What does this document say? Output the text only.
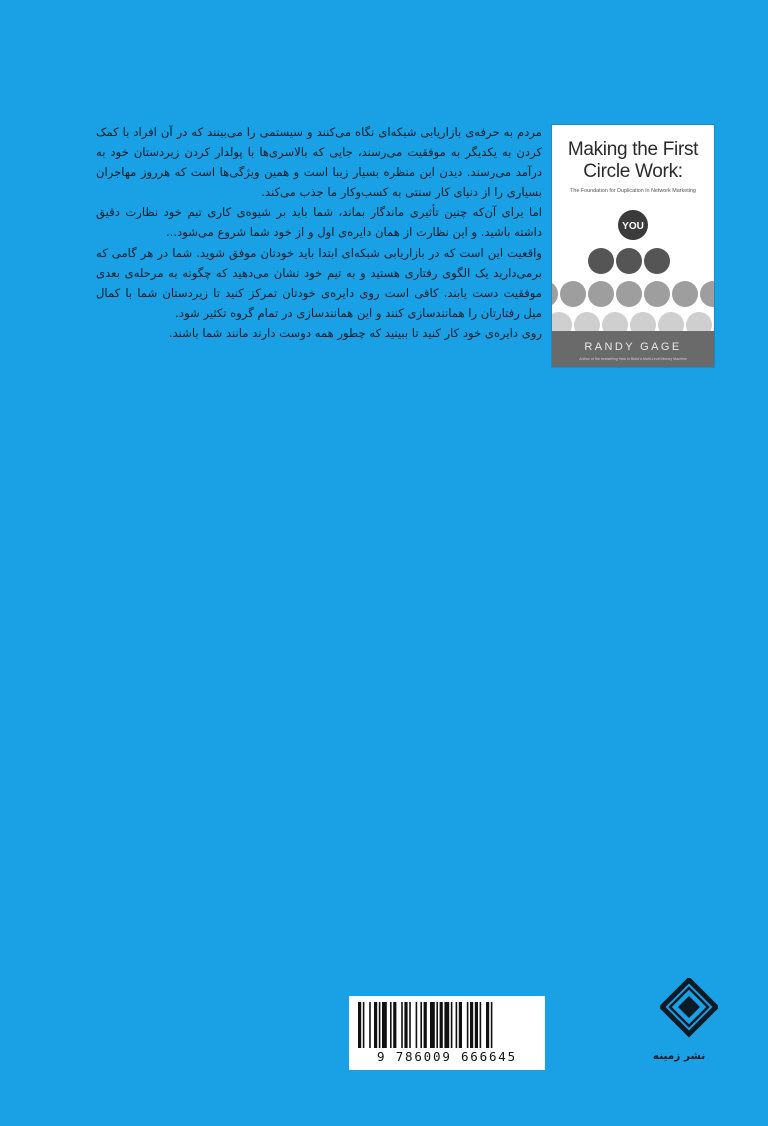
مردم به حرفه‌ی بازاریابی شبکه‌ای نگاه می‌کنند و سیستمی را می‌بینند که در آن افراد با کمک کردن به یکدیگر به موفقیت می‌رسند، جایی که بالاسری‌ها با پولدار کردن زیردستان خود به درآمد می‌رسند. دیدن این منظره بسیار زیبا است و همین ویژگی‌ها است که هرروز مهاجران بسیاری را از دنیای کار سنتی به کسب‌وکار ما جذب می‌کند.

اما برای آن‌که چنین تأثیری ماندگار بماند، شما باید بر شیوه‌ی کاری تیم خود نظارت دقیق داشته باشید. و این نظارت از همان دایره‌ی اول و از خود شما شروع می‌شود...

واقعیت این است که در بازاریابی شبکه‌ای ابتدا باید خودتان موفق شوید. شما در هر گامی که برمی‌دارید یک الگوی رفتاری هستید و به تیم خود نشان می‌دهید که چگونه به مرحله‌ی بعدی موفقیت دست یابند. کافی است روی دایره‌ی خودتان تمرکز کنید تا زیردستان شما با کمال میل رفتارتان را همانندسازی کنند و این همانندسازی در تمام گروه تکثیر شود.

روی دایره‌ی خود کار کنید تا ببینید که چطور همه دوست دارند مانند شما باشند.

Making the First
Circle Work:
The Foundation for Duplication in Network Marketing
YOU
RANDY GAGE
Author of the bestselling How to Build a Multi-Level Money Machine
9 786009 666645	نشر زمینه
